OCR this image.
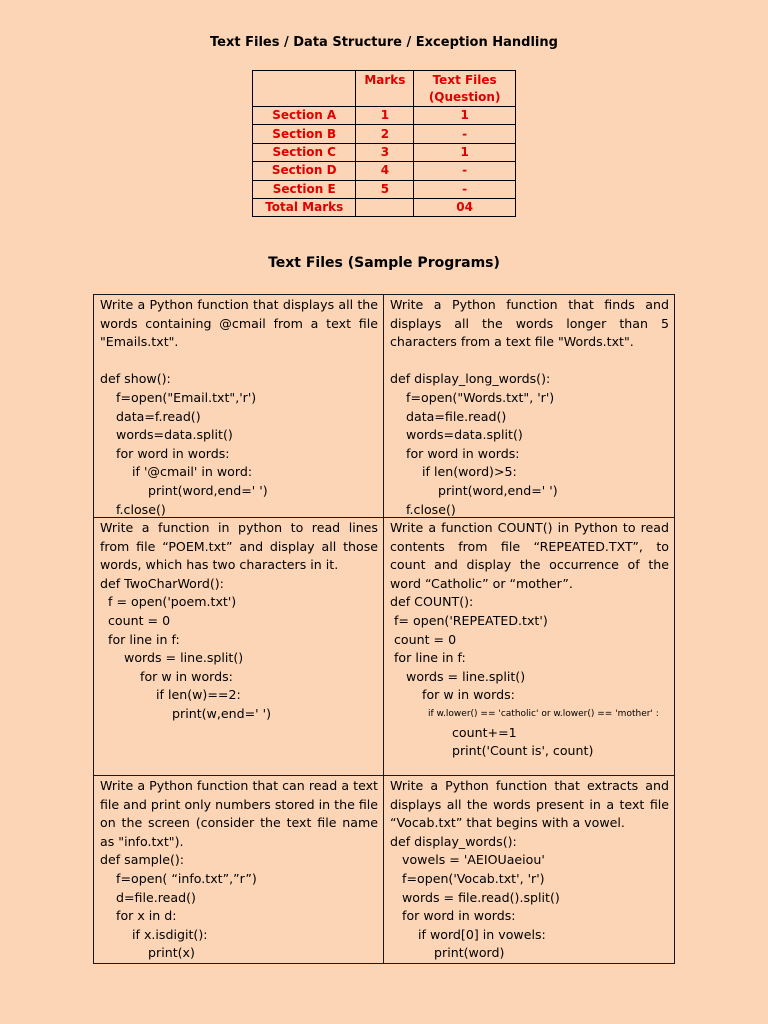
Text Files / Data Structure / Exception Handling
	Marks	Text Files (Question)
Section A	1	1
Section B	2	-
Section C	3	1
Section D	4	-
Section E	5	-
Total Marks		04
Text Files (Sample Programs)
Write a Python function that displays all the words containing @cmail from a text file "Emails.txt".
def show():
f=open("Email.txt",'r')
data=f.read()
words=data.split()
for word in words:
if '@cmail' in word:
print(word,end=' ')
f.close()
Write a Python function that finds and displays all the words longer than 5 characters from a text file "Words.txt".
def display_long_words():
f=open("Words.txt", 'r')
data=file.read()
words=data.split()
for word in words:
if len(word)>5:
print(word,end=' ')
f.close()
Write a function in python to read lines from file “POEM.txt” and display all those words, which has two characters in it.
def TwoCharWord():
f = open('poem.txt')
count = 0
for line in f:
words = line.split()
for w in words:
if len(w)==2:
print(w,end=' ')
Write a function COUNT() in Python to read contents from file “REPEATED.TXT”, to count and display the occurrence of the word “Catholic” or “mother”.
def COUNT():
f= open('REPEATED.txt')
count = 0
for line in f:
words = line.split()
for w in words:
if w.lower() == 'catholic' or w.lower() == 'mother' :
count+=1
print('Count is', count)
Write a Python function that can read a text file and print only numbers stored in the file on the screen (consider the text file name as "info.txt").
def sample():
f=open( “info.txt”,”r”)
d=file.read()
for x in d:
if x.isdigit():
print(x)
Write a Python function that extracts and displays all the words present in a text file “Vocab.txt” that begins with a vowel.
def display_words():
vowels = 'AEIOUaeiou'
f=open('Vocab.txt', 'r')
words = file.read().split()
for word in words:
if word[0] in vowels:
print(word)
